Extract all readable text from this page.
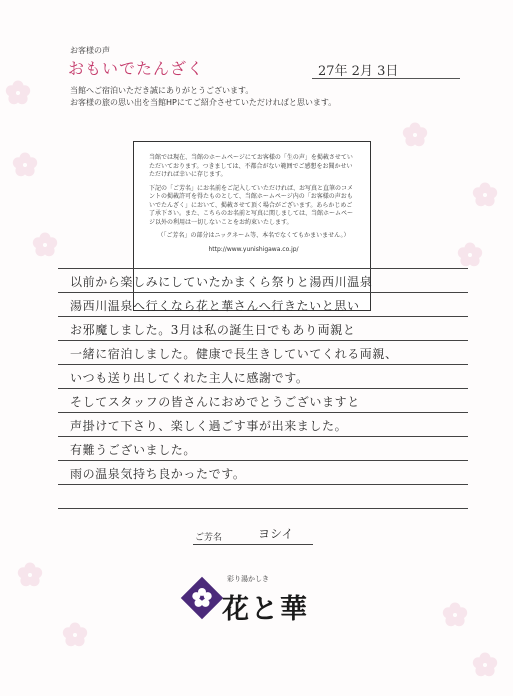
お客様の声
おもいでたんざく	27年 2月 3日
当館へご宿泊いただき誠にありがとうございます。
お客様の旅の思い出を当館HPにてご紹介させていただければと思います。

当館では現在、当館のホームページにてお客様の「生の声」を掲載させていただいております。つきましては、不都合がない範囲でご感想をお聞かせいただければ幸いに存じます。

下記の「ご芳名」にお名前をご記入していただければ、お写真と直筆のコメントの掲載許可を得たものとして、当館ホームページ内の「お客様の声おもいでたんざく」において、掲載させて頂く場合がございます。あらかじめご了承下さい。また、こちらのお名前と写真に関しましては、当館ホームページ以外の利用は一切しないことをお約束いたします。

（「ご芳名」の部分はニックネーム等、本名でなくてもかまいません。）

http://www.yunishigawa.co.jp/

以前から楽しみにしていたかまくら祭りと湯西川温泉
湯西川温泉へ行くなら花と華さんへ行きたいと思い
お邪魔しました。3月は私の誕生日でもあり両親と
一緒に宿泊しました。健康で長生きしていてくれる両親、
いつも送り出してくれた主人に感謝です。
そしてスタッフの皆さんにおめでとうございますと
声掛けて下さり、楽しく過ごす事が出来ました。
有難うございました。
雨の温泉気持ち良かったです。
ご芳名	ヨシイ
彩り湯かしき
花と華
